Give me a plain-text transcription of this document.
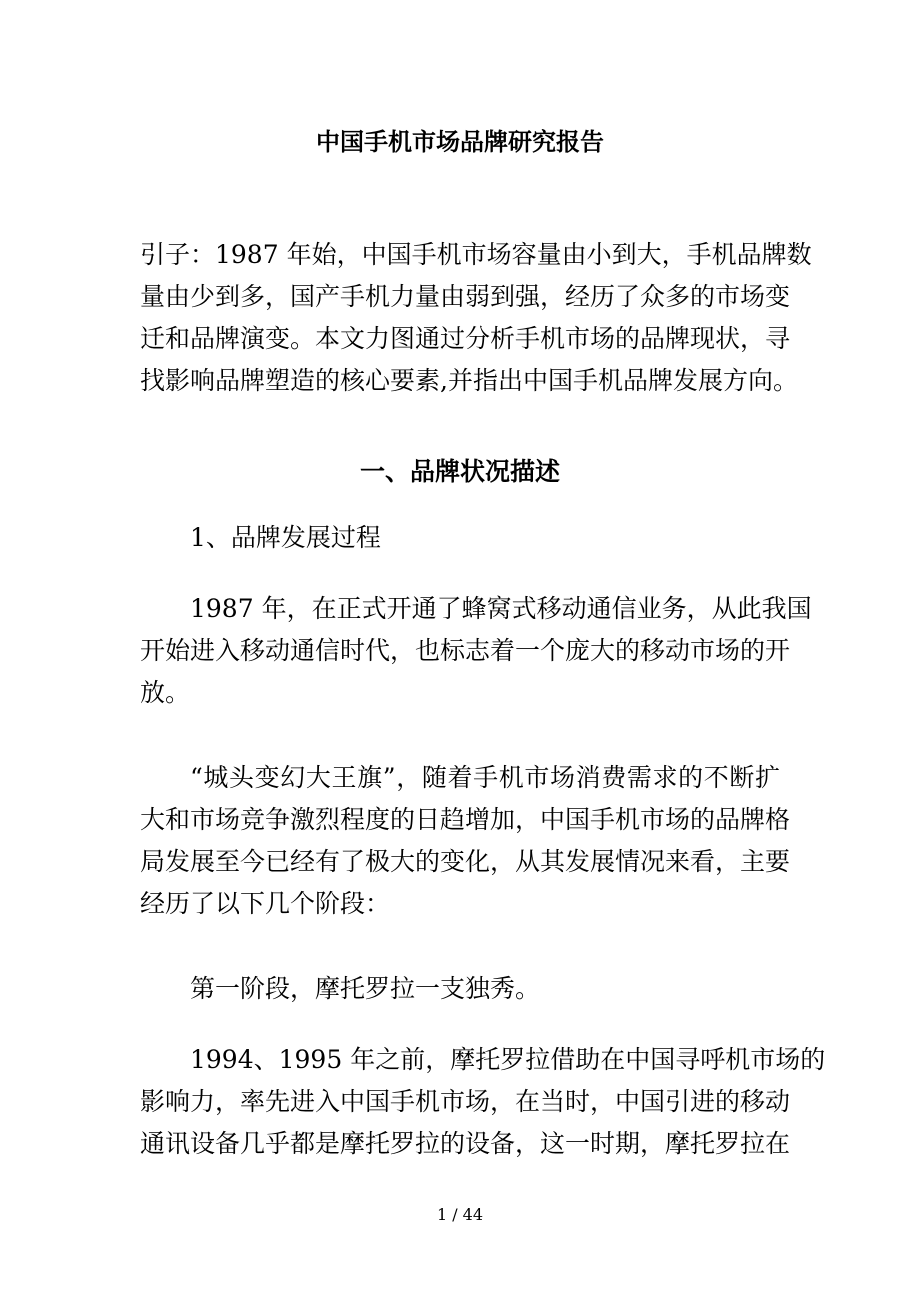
中国手机市场品牌研究报告
引子：1987 年始，中国手机市场容量由小到大，手机品牌数
量由少到多，国产手机力量由弱到强，经历了众多的市场变
迁和品牌演变。本文力图通过分析手机市场的品牌现状，寻
找影响品牌塑造的核心要素,并指出中国手机品牌发展方向。
一、品牌状况描述
1、品牌发展过程
1987 年，在正式开通了蜂窝式移动通信业务，从此我国
开始进入移动通信时代，也标志着一个庞大的移动市场的开
放。
“城头变幻大王旗”，随着手机市场消费需求的不断扩
大和市场竞争激烈程度的日趋增加，中国手机市场的品牌格
局发展至今已经有了极大的变化，从其发展情况来看，主要
经历了以下几个阶段：
第一阶段，摩托罗拉一支独秀。
1994、1995 年之前，摩托罗拉借助在中国寻呼机市场的
影响力，率先进入中国手机市场，在当时，中国引进的移动
通讯设备几乎都是摩托罗拉的设备，这一时期，摩托罗拉在
1 / 44
